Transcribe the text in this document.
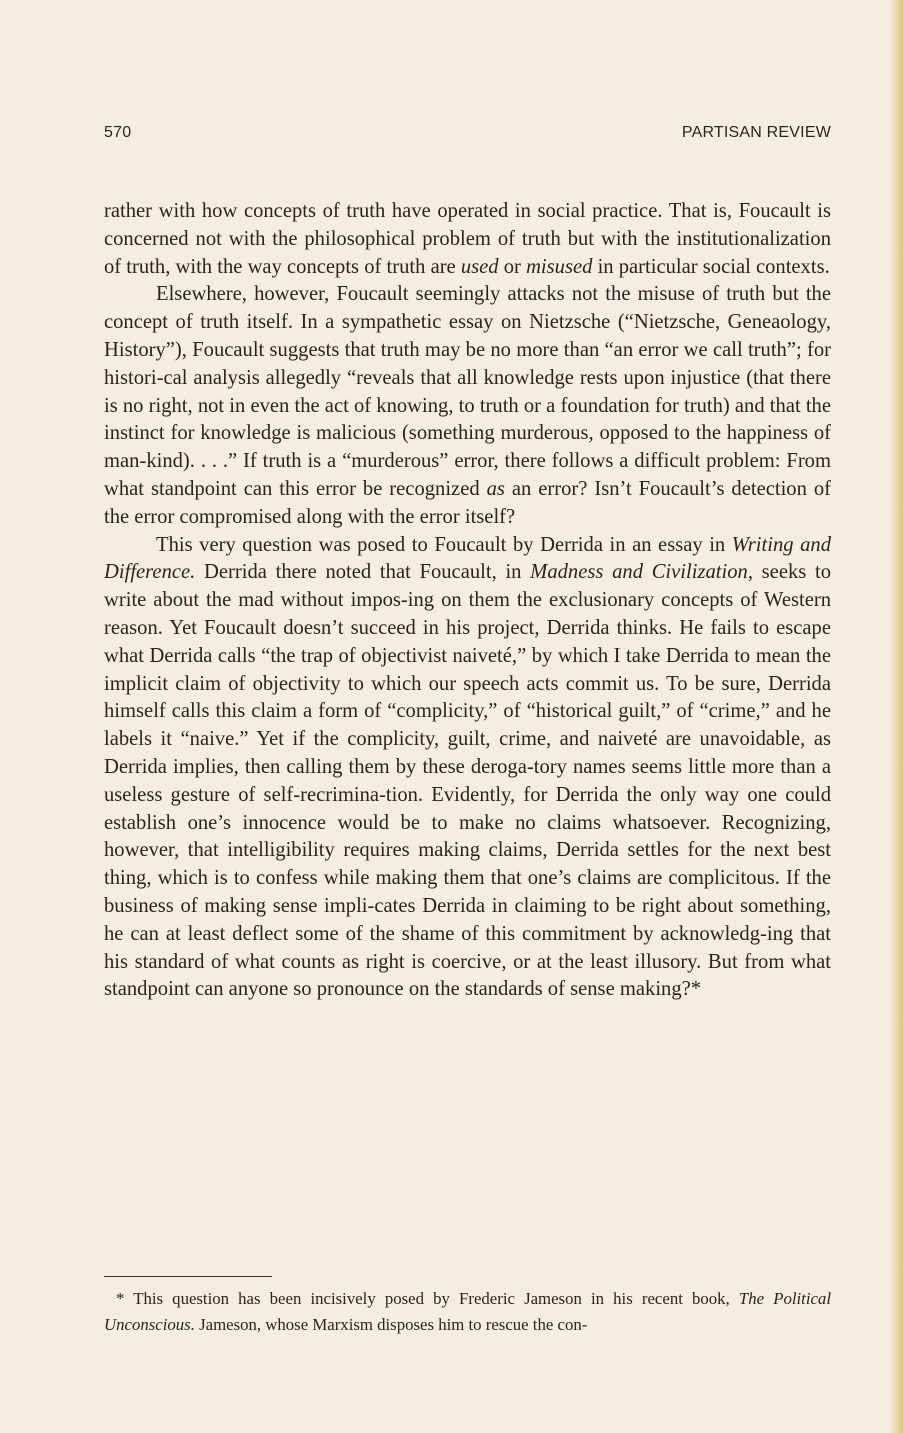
570	PARTISAN REVIEW

rather with how concepts of truth have operated in social practice. That is, Foucault is concerned not with the philosophical problem of truth but with the institutionalization of truth, with the way concepts of truth are used or misused in particular social contexts.

Elsewhere, however, Foucault seemingly attacks not the misuse of truth but the concept of truth itself. In a sympathetic essay on Nietzsche (“Nietzsche, Geneaology, History”), Foucault suggests that truth may be no more than “an error we call truth”; for histori-cal analysis allegedly “reveals that all knowledge rests upon injustice (that there is no right, not in even the act of knowing, to truth or a foundation for truth) and that the instinct for knowledge is malicious (something murderous, opposed to the happiness of man-kind). . . .” If truth is a “murderous” error, there follows a difficult problem: From what standpoint can this error be recognized as an error? Isn’t Foucault’s detection of the error compromised along with the error itself?

This very question was posed to Foucault by Derrida in an essay in Writing and Difference. Derrida there noted that Foucault, in Madness and Civilization, seeks to write about the mad without impos-ing on them the exclusionary concepts of Western reason. Yet Foucault doesn’t succeed in his project, Derrida thinks. He fails to escape what Derrida calls “the trap of objectivist naiveté,” by which I take Derrida to mean the implicit claim of objectivity to which our speech acts commit us. To be sure, Derrida himself calls this claim a form of “complicity,” of “historical guilt,” of “crime,” and he labels it “naive.” Yet if the complicity, guilt, crime, and naiveté are unavoidable, as Derrida implies, then calling them by these deroga-tory names seems little more than a useless gesture of self-recrimina-tion. Evidently, for Derrida the only way one could establish one’s innocence would be to make no claims whatsoever. Recognizing, however, that intelligibility requires making claims, Derrida settles for the next best thing, which is to confess while making them that one’s claims are complicitous. If the business of making sense impli-cates Derrida in claiming to be right about something, he can at least deflect some of the shame of this commitment by acknowledg-ing that his standard of what counts as right is coercive, or at the least illusory. But from what standpoint can anyone so pronounce on the standards of sense making?*

* This question has been incisively posed by Frederic Jameson in his recent book, The Political Unconscious. Jameson, whose Marxism disposes him to rescue the con-
